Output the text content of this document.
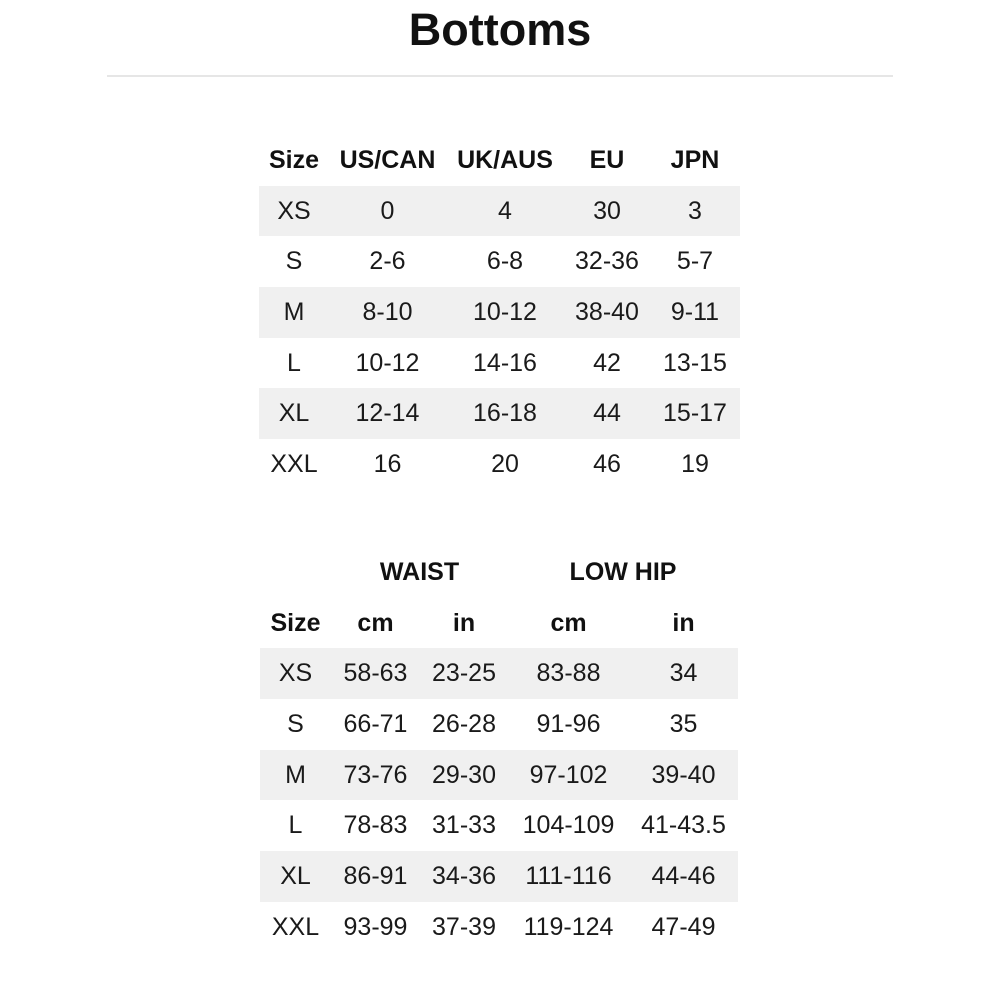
Bottoms
Size	US/CAN	UK/AUS	EU	JPN
XS	0	4	30	3
S	2-6	6-8	32-36	5-7
M	8-10	10-12	38-40	9-11
L	10-12	14-16	42	13-15
XL	12-14	16-18	44	15-17
XXL	16	20	46	19
	WAIST		LOW HIP	
Size	cm	in	cm	in
XS	58-63	23-25	83-88	34
S	66-71	26-28	91-96	35
M	73-76	29-30	97-102	39-40
L	78-83	31-33	104-109	41-43.5
XL	86-91	34-36	111-116	44-46
XXL	93-99	37-39	119-124	47-49
